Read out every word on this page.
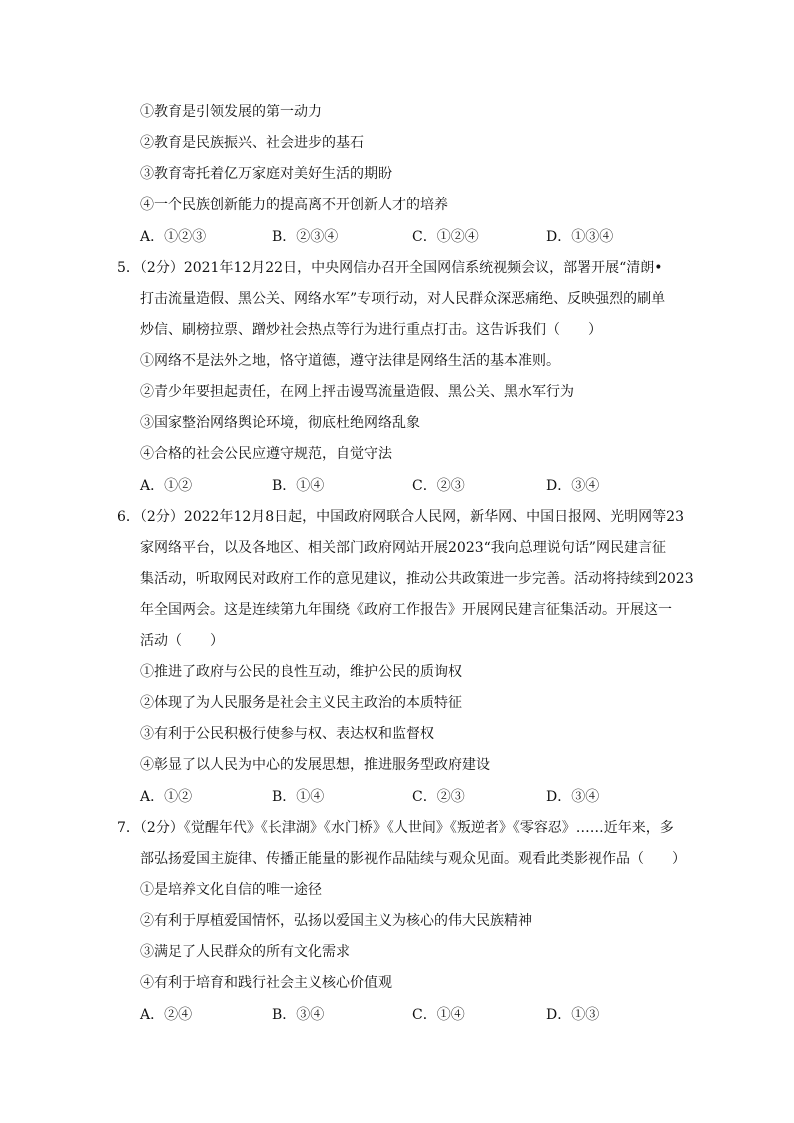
①教育是引领发展的第一动力
②教育是民族振兴、社会进步的基石
③教育寄托着亿万家庭对美好生活的期盼
④一个民族创新能力的提高离不开创新人才的培养
A．①②③	B．②③④	C．①②④	D．①③④
5．（2分）2021年12月22日，中央网信办召开全国网信系统视频会议，部署开展“清朗•
打击流量造假、黑公关、网络水军”专项行动，对人民群众深恶痛绝、反映强烈的刷单
炒信、刷榜拉票、蹭炒社会热点等行为进行重点打击。这告诉我们（　　）
①网络不是法外之地，恪守道德，遵守法律是网络生活的基本准则。
②青少年要担起责任，在网上抨击谩骂流量造假、黑公关、黑水军行为
③国家整治网络舆论环境，彻底杜绝网络乱象
④合格的社会公民应遵守规范，自觉守法
A．①②	B．①④	C．②③	D．③④
6．（2分）2022年12月8日起，中国政府网联合人民网，新华网、中国日报网、光明网等23
家网络平台，以及各地区、相关部门政府网站开展2023“我向总理说句话”网民建言征
集活动，听取网民对政府工作的意见建议，推动公共政策进一步完善。活动将持续到2023
年全国两会。这是连续第九年围绕《政府工作报告》开展网民建言征集活动。开展这一
活动（　　）
①推进了政府与公民的良性互动，维护公民的质询权
②体现了为人民服务是社会主义民主政治的本质特征
③有利于公民积极行使参与权、表达权和监督权
④彰显了以人民为中心的发展思想，推进服务型政府建设
A．①②	B．①④	C．②③	D．③④
7．（2分）《觉醒年代》《长津湖》《水门桥》《人世间》《叛逆者》《零容忍》……近年来，多
部弘扬爱国主旋律、传播正能量的影视作品陆续与观众见面。观看此类影视作品（　　）
①是培养文化自信的唯一途径
②有利于厚植爱国情怀，弘扬以爱国主义为核心的伟大民族精神
③满足了人民群众的所有文化需求
④有利于培育和践行社会主义核心价值观
A．②④	B．③④	C．①④	D．①③
